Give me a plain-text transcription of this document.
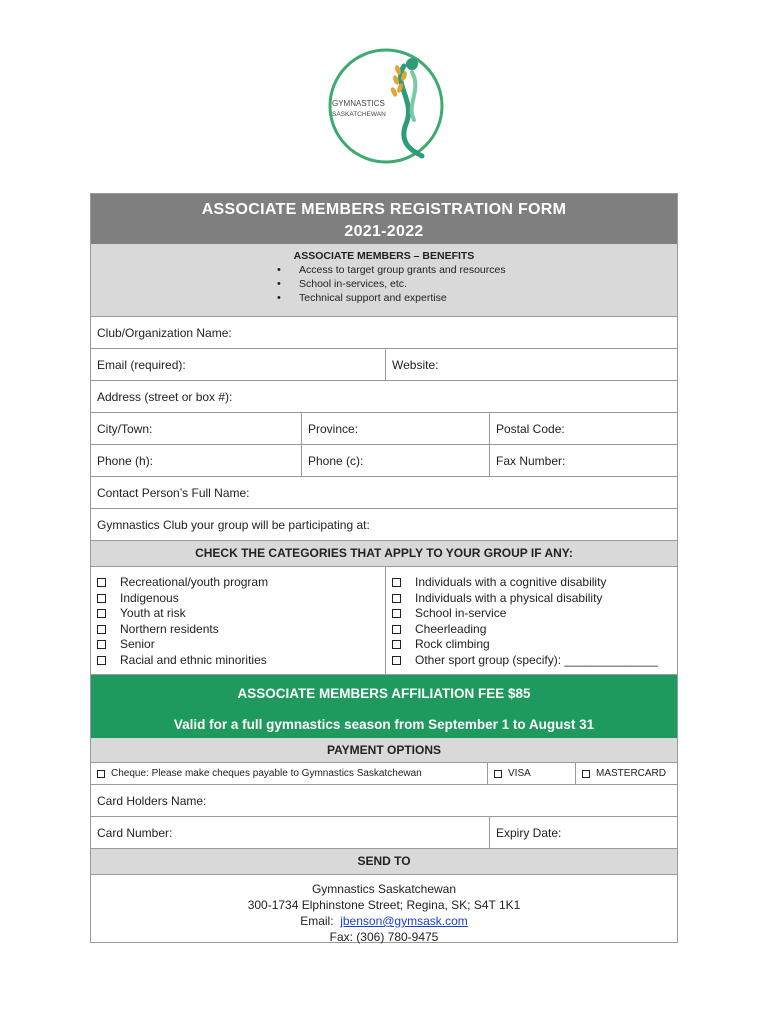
GYMNASTICS
SASKATCHEWAN
ASSOCIATE MEMBERS REGISTRATION FORM
2021-2022
ASSOCIATE MEMBERS – BENEFITS
• Access to target group grants and resources
• School in-services, etc.
• Technical support and expertise
Club/Organization Name:
Email (required):	Website:
Address (street or box #):
City/Town:	Province:	Postal Code:
Phone (h):	Phone (c):	Fax Number:
Contact Person’s Full Name:
Gymnastics Club your group will be participating at:
CHECK THE CATEGORIES THAT APPLY TO YOUR GROUP IF ANY:
Recreational/youth program
Indigenous
Youth at risk
Northern residents
Senior
Racial and ethnic minorities
Individuals with a cognitive disability
Individuals with a physical disability
School in-service
Cheerleading
Rock climbing
Other sport group (specify): ______________
ASSOCIATE MEMBERS AFFILIATION FEE $85
Valid for a full gymnastics season from September 1 to August 31
PAYMENT OPTIONS
Cheque: Please make cheques payable to Gymnastics Saskatchewan	VISA	MASTERCARD
Card Holders Name:
Card Number:	Expiry Date:
SEND TO
Gymnastics Saskatchewan
300-1734 Elphinstone Street; Regina, SK; S4T 1K1
Email: jbenson@gymsask.com
Fax: (306) 780-9475
